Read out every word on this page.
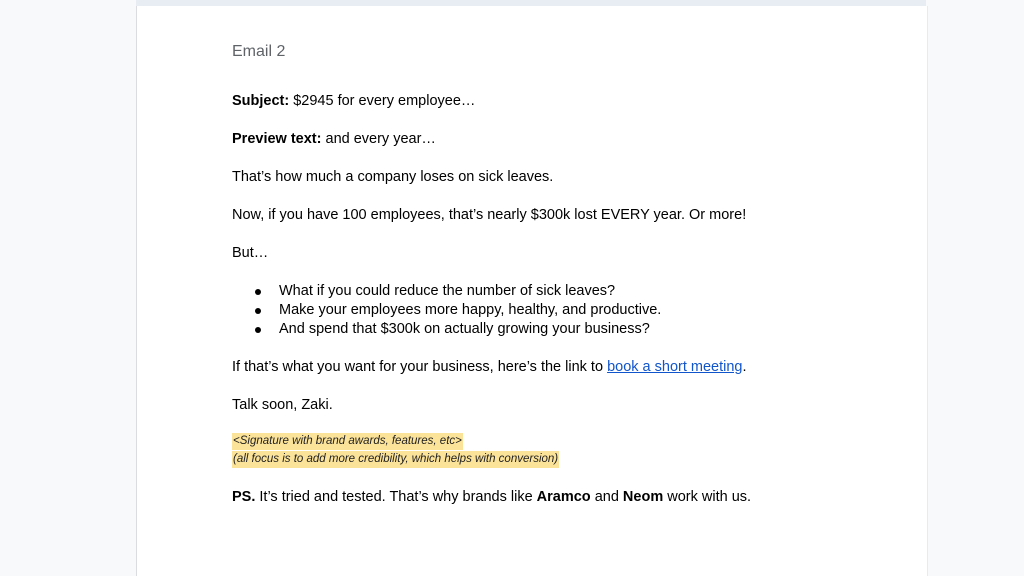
Email 2
Subject: $2945 for every employee…
Preview text: and every year…
That’s how much a company loses on sick leaves.
Now, if you have 100 employees, that’s nearly $300k lost EVERY year. Or more!
But…
What if you could reduce the number of sick leaves?
Make your employees more happy, healthy, and productive.
And spend that $300k on actually growing your business?
If that’s what you want for your business, here’s the link to book a short meeting.
Talk soon, Zaki.
<Signature with brand awards, features, etc>
(all focus is to add more credibility, which helps with conversion)
PS. It’s tried and tested. That’s why brands like Aramco and Neom work with us.
